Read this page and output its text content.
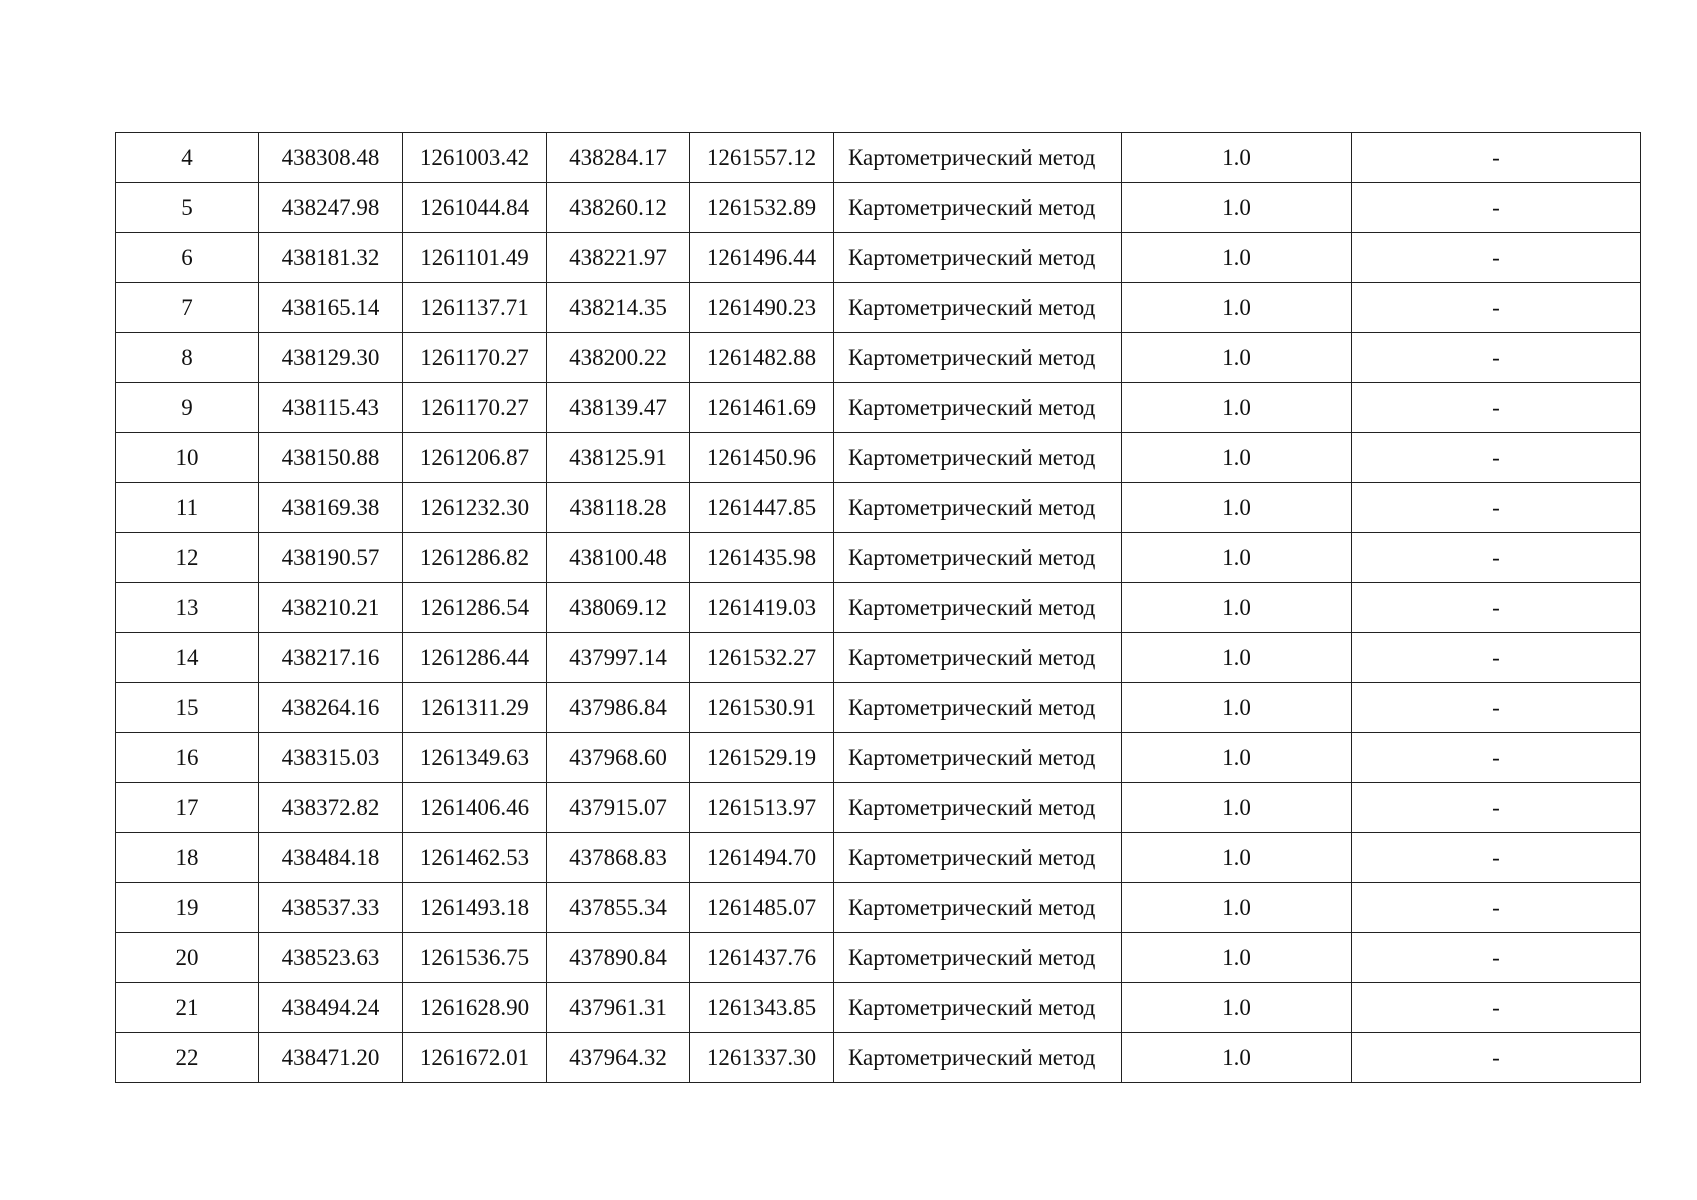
4	438308.48	1261003.42	438284.17	1261557.12	Картометрический метод	1.0	-
5	438247.98	1261044.84	438260.12	1261532.89	Картометрический метод	1.0	-
6	438181.32	1261101.49	438221.97	1261496.44	Картометрический метод	1.0	-
7	438165.14	1261137.71	438214.35	1261490.23	Картометрический метод	1.0	-
8	438129.30	1261170.27	438200.22	1261482.88	Картометрический метод	1.0	-
9	438115.43	1261170.27	438139.47	1261461.69	Картометрический метод	1.0	-
10	438150.88	1261206.87	438125.91	1261450.96	Картометрический метод	1.0	-
11	438169.38	1261232.30	438118.28	1261447.85	Картометрический метод	1.0	-
12	438190.57	1261286.82	438100.48	1261435.98	Картометрический метод	1.0	-
13	438210.21	1261286.54	438069.12	1261419.03	Картометрический метод	1.0	-
14	438217.16	1261286.44	437997.14	1261532.27	Картометрический метод	1.0	-
15	438264.16	1261311.29	437986.84	1261530.91	Картометрический метод	1.0	-
16	438315.03	1261349.63	437968.60	1261529.19	Картометрический метод	1.0	-
17	438372.82	1261406.46	437915.07	1261513.97	Картометрический метод	1.0	-
18	438484.18	1261462.53	437868.83	1261494.70	Картометрический метод	1.0	-
19	438537.33	1261493.18	437855.34	1261485.07	Картометрический метод	1.0	-
20	438523.63	1261536.75	437890.84	1261437.76	Картометрический метод	1.0	-
21	438494.24	1261628.90	437961.31	1261343.85	Картометрический метод	1.0	-
22	438471.20	1261672.01	437964.32	1261337.30	Картометрический метод	1.0	-
